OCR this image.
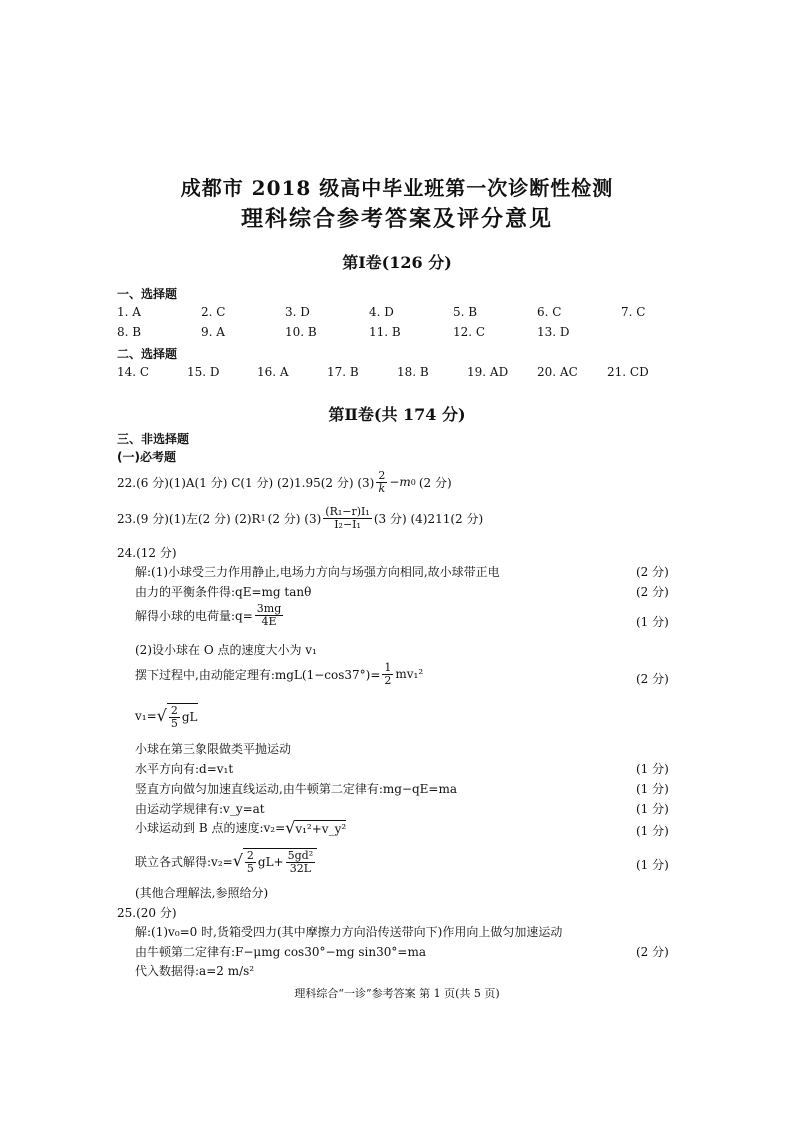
成都市 2018 级高中毕业班第一次诊断性检测
理科综合参考答案及评分意见
第Ⅰ卷(126 分)
一、选择题
1. A	2. C	3. D	4. D	5. B	6. C	7. C
8. B	9. A	10. B	11. B	12. C	13. D
二、选择题
14. C	15. D	16. A	17. B	18. B	19. AD 20. AC 21. CD
第Ⅱ卷(共 174 分)
三、非选择题
(一)必考题
22.(6 分)(1)A(1 分) C(1 分) (2)1.95(2 分) $(3) \frac{2}{k} -m$ 0 (2 分)
23.(9 分)(1)左(2 分) (2)R 1 (2 分) $(3) \frac{\text{(R₁−r)I₁}}{\text{I₂−I₁}} (3$ 分) (4)211(2 分)
24.(12 分)
解:(1)小球受三力作用静止,电场力方向与场强方向相同,故小球带正电	(2 分)
由力的平衡条件得:qE=mg tanθ	(2 分)
解得小球的电荷量:q= $\frac{3mg}{4E}$	(1 分)
(2)设小球在 O 点的速度大小为 v₁
摆下过程中,由动能定理有:mgL(1−cos37°)= $\frac{1}{2} mv_1^2$	(2 分)
v₁= √ $\frac{2}{5}$ gL
小球在第三象限做类平抛运动
水平方向有:d=v₁t	(1 分)
竖直方向做匀加速直线运动,由牛顿第二定律有:mg−qE=ma	(1 分)
由运动学规律有:v_y=at	(1 分)
小球运动到 B 点的速度:v₂= √ v₁²+v_y²	(1 分)
联立各式解得:v₂= √ $\frac{2}{5} gL+ \frac{\text{5gd²}}{32L}$	(1 分)
(其他合理解法,参照给分)
25.(20 分)
解:(1)v₀=0 时,货箱受四力(其中摩擦力方向沿传送带向下)作用向上做匀加速运动
由牛顿第二定律有:F−μmg cos30°−mg sin30°=ma	(2 分)
代入数据得:a=2 m/s²
理科综合“一诊”参考答案 第 1 页(共 5 页)
